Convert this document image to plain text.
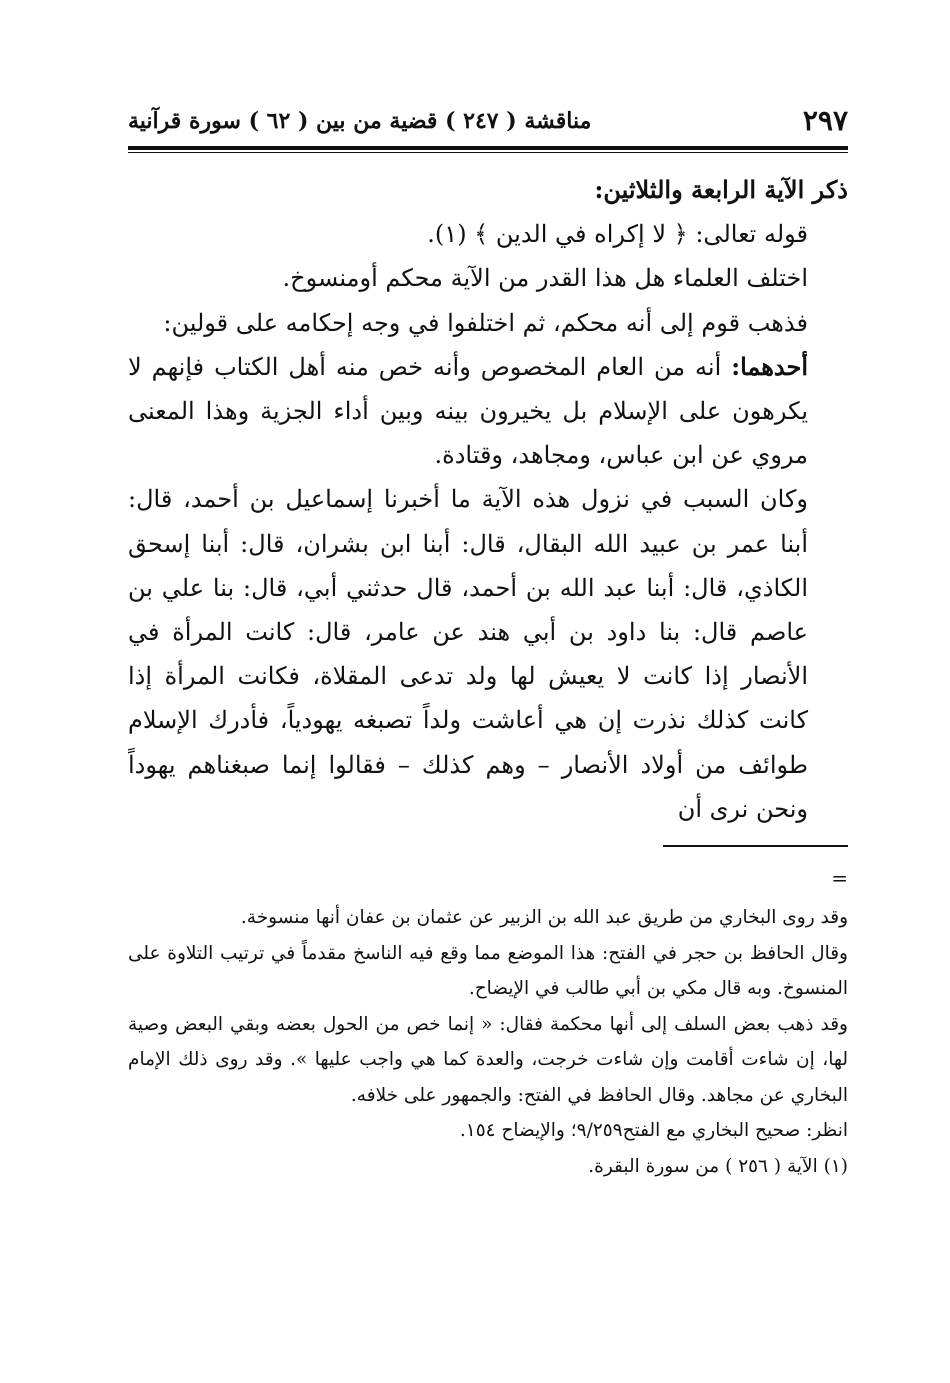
٢٩٧
مناقشة ( ٢٤٧ ) قضية من بين ( ٦٢ ) سورة قرآنية

ذكر الآية الرابعة والثلاثين:

قوله تعالى: ﴿ لا إكراه في الدين ﴾ (١).

اختلف العلماء هل هذا القدر من الآية محكم أومنسوخ.

فذهب قوم إلى أنه محكم، ثم اختلفوا في وجه إحكامه على قولين:

أحدهما: أنه من العام المخصوص وأنه خص منه أهل الكتاب فإنهم لا يكرهون على الإسلام بل يخيرون بينه وبين أداء الجزية وهذا المعنى مروي عن ابن عباس، ومجاهد، وقتادة.

وكان السبب في نزول هذه الآية ما أخبرنا إسماعيل بن أحمد، قال: أبنا عمر بن عبيد الله البقال، قال: أبنا ابن بشران، قال: أبنا إسحق الكاذي، قال: أبنا عبد الله بن أحمد، قال حدثني أبي، قال: بنا علي بن عاصم قال: بنا داود بن أبي هند عن عامر، قال: كانت المرأة في الأنصار إذا كانت لا يعيش لها ولد تدعى المقلاة، فكانت المرأة إذا كانت كذلك نذرت إن هي أعاشت ولداً تصبغه يهودياً، فأدرك الإسلام طوائف من أولاد الأنصار – وهم كذلك – فقالوا إنما صبغناهم يهوداً ونحن نرى أن

=

وقد روى البخاري من طريق عبد الله بن الزبير عن عثمان بن عفان أنها منسوخة.

وقال الحافظ بن حجر في الفتح: هذا الموضع مما وقع فيه الناسخ مقدماً في ترتيب التلاوة على المنسوخ. وبه قال مكي بن أبي طالب في الإيضاح.

وقد ذهب بعض السلف إلى أنها محكمة فقال: « إنما خص من الحول بعضه وبقي البعض وصية لها، إن شاءت أقامت وإن شاءت خرجت، والعدة كما هي واجب عليها ». وقد روى ذلك الإمام البخاري عن مجاهد. وقال الحافظ في الفتح: والجمهور على خلافه.

انظر: صحيح البخاري مع الفتح٩/٢٥٩؛ والإيضاح ١٥٤.

(١) الآية ( ٢٥٦ ) من سورة البقرة.
